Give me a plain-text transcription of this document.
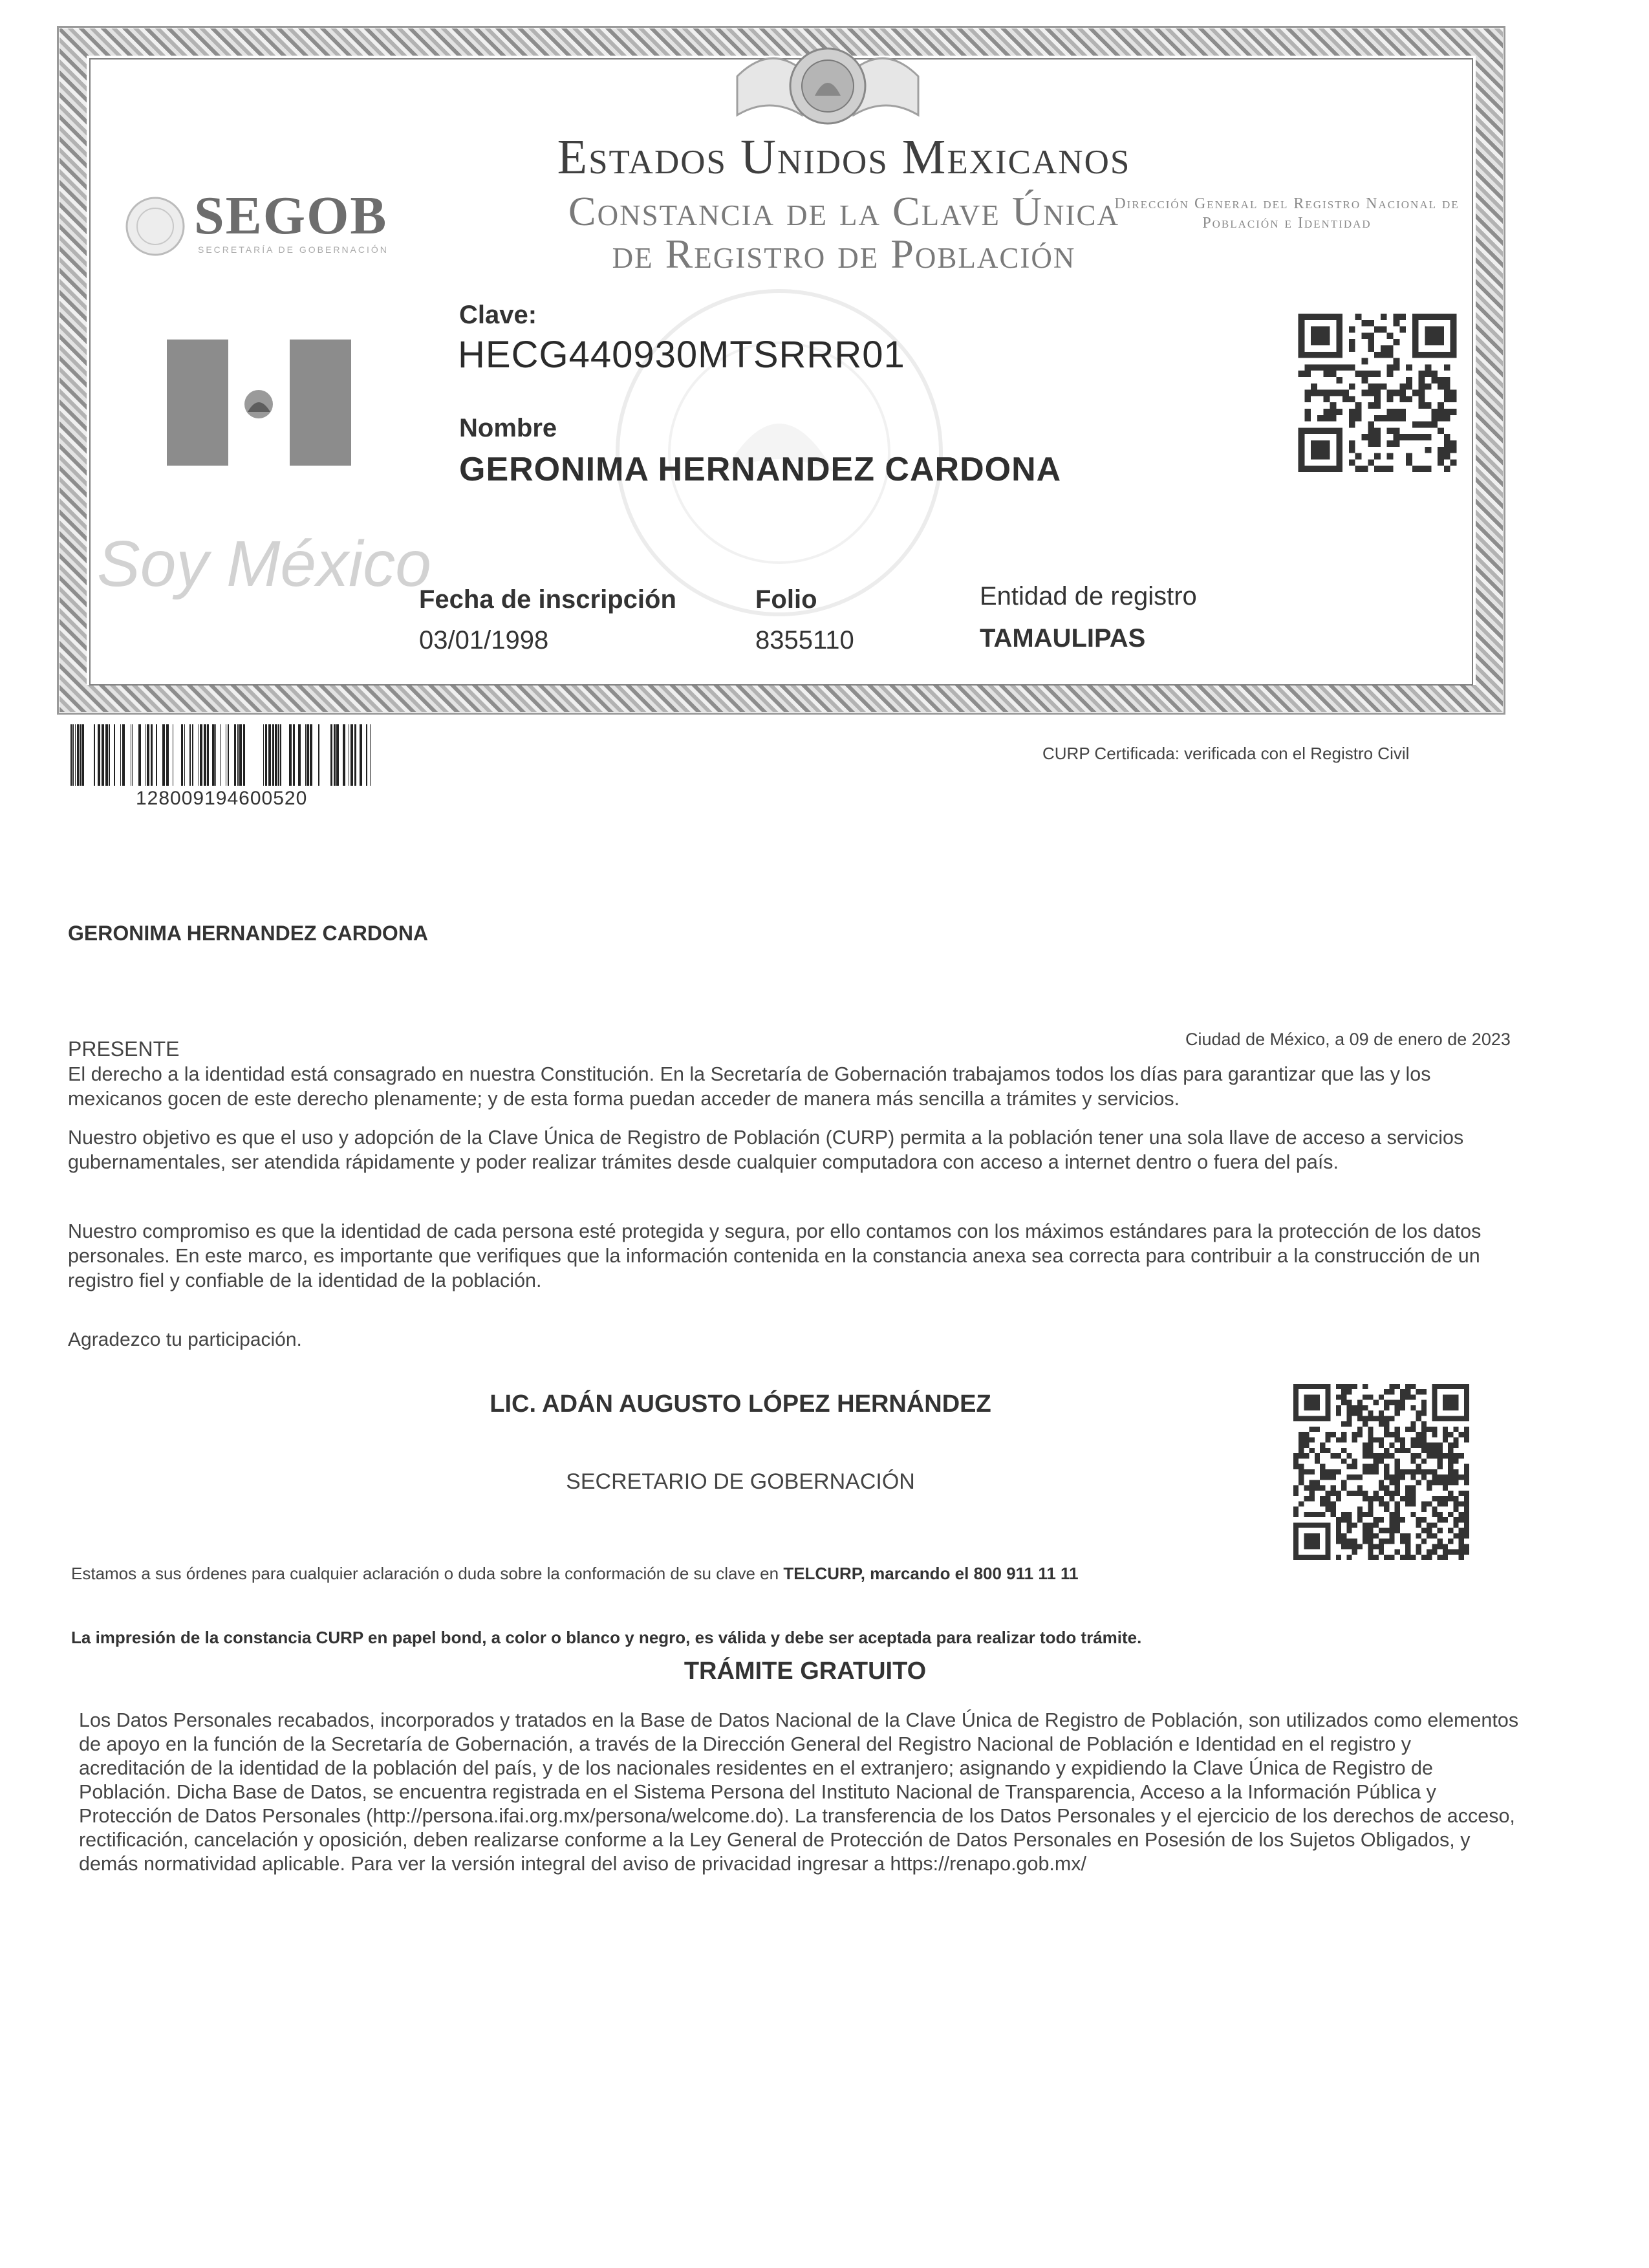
SEGOB
SECRETARÍA DE GOBERNACIÓN
Estados Unidos Mexicanos
Constancia de la Clave Única
de Registro de Población
Dirección General del Registro Nacional de Población e Identidad
Clave:
HECG440930MTSRRR01
Nombre
GERONIMA HERNANDEZ CARDONA
Soy México
Fecha de inscripción
03/01/1998
Folio
8355110
Entidad de registro
TAMAULIPAS
128009194600520
CURP Certificada: verificada con el Registro Civil
GERONIMA HERNANDEZ CARDONA
PRESENTE	Ciudad de México, a 09 de enero de 2023
El derecho a la identidad está consagrado en nuestra Constitución. En la Secretaría de Gobernación trabajamos todos los días para garantizar que las y los mexicanos gocen de este derecho plenamente; y de esta forma puedan acceder de manera más sencilla a trámites y servicios.
Nuestro objetivo es que el uso y adopción de la Clave Única de Registro de Población (CURP) permita a la población tener una sola llave de acceso a servicios gubernamentales, ser atendida rápidamente y poder realizar trámites desde cualquier computadora con acceso a internet dentro o fuera del país.
Nuestro compromiso es que la identidad de cada persona esté protegida y segura, por ello contamos con los máximos estándares para la protección de los datos personales. En este marco, es importante que verifiques que la información contenida en la constancia anexa sea correcta para contribuir a la construcción de un registro fiel y confiable de la identidad de la población.
Agradezco tu participación.
LIC. ADÁN AUGUSTO LÓPEZ HERNÁNDEZ
SECRETARIO DE GOBERNACIÓN
Estamos a sus órdenes para cualquier aclaración o duda sobre la conformación de su clave en TELCURP, marcando el 800 911 11 11
La impresión de la constancia CURP en papel bond, a color o blanco y negro, es válida y debe ser aceptada para realizar todo trámite.
TRÁMITE GRATUITO
Los Datos Personales recabados, incorporados y tratados en la Base de Datos Nacional de la Clave Única de Registro de Población, son utilizados como elementos de apoyo en la función de la Secretaría de Gobernación, a través de la Dirección General del Registro Nacional de Población e Identidad en el registro y acreditación de la identidad de la población del país, y de los nacionales residentes en el extranjero; asignando y expidiendo la Clave Única de Registro de Población. Dicha Base de Datos, se encuentra registrada en el Sistema Persona del Instituto Nacional de Transparencia, Acceso a la Información Pública y Protección de Datos Personales (http://persona.ifai.org.mx/persona/welcome.do). La transferencia de los Datos Personales y el ejercicio de los derechos de acceso, rectificación, cancelación y oposición, deben realizarse conforme a la Ley General de Protección de Datos Personales en Posesión de los Sujetos Obligados, y demás normatividad aplicable. Para ver la versión integral del aviso de privacidad ingresar a https://renapo.gob.mx/
